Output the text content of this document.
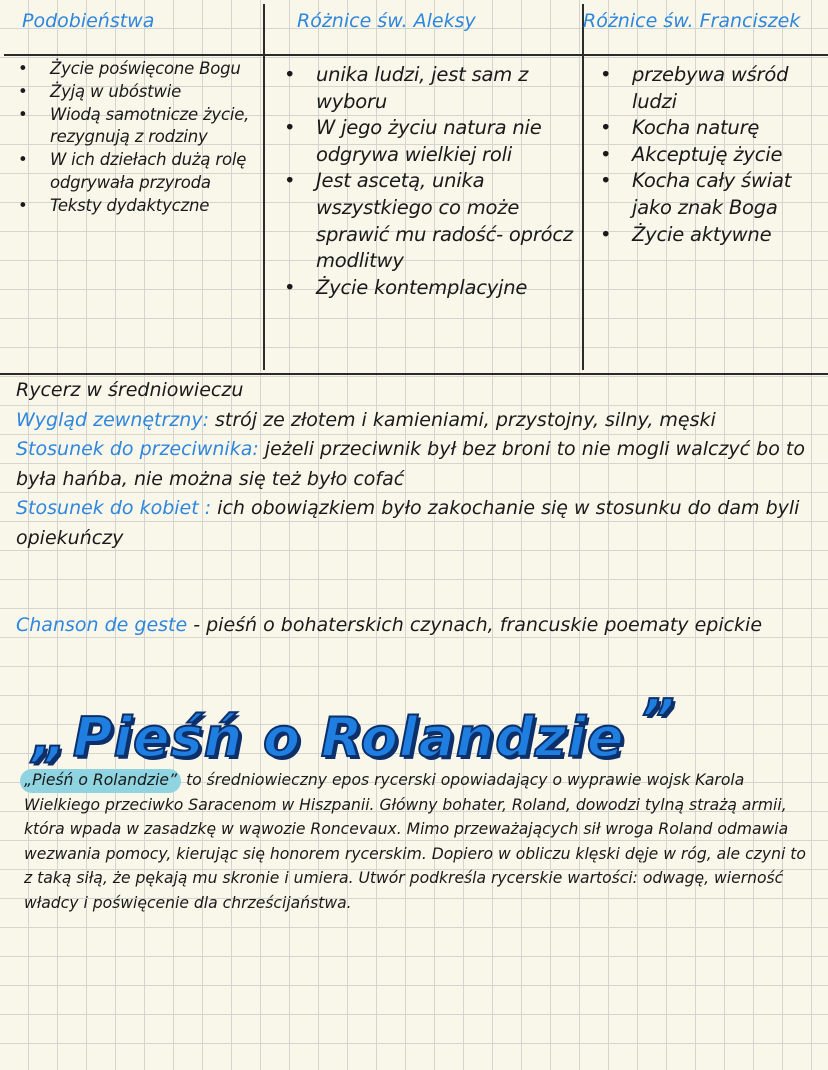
Podobieństwa	Różnice św. Aleksy	Różnice św. Franciszek
• Życie poświęcone Bogu
• Żyją w ubóstwie
• Wiodą samotnicze życie, rezygnują z rodziny
• W ich dziełach dużą rolę odgrywała przyroda
• Teksty dydaktyczne
• unika ludzi, jest sam z wyboru
• W jego życiu natura nie odgrywa wielkiej roli
• Jest ascetą, unika wszystkiego co może sprawić mu radość- oprócz modlitwy
• Życie kontemplacyjne
• przebywa wśród ludzi
• Kocha naturę
• Akceptuję życie
• Kocha cały świat jako znak Boga
• Życie aktywne

Rycerz w średniowieczu

Wygląd zewnętrzny: strój ze złotem i kamieniami, przystojny, silny, męski

Stosunek do przeciwnika: jeżeli przeciwnik był bez broni to nie mogli walczyć bo to była hańba, nie można się też było cofać

Stosunek do kobiet : ich obowiązkiem było zakochanie się w stosunku do dam byli opiekuńczy

Chanson de geste - pieśń o bohaterskich czynach, francuskie poematy epickie
„ Pieśń o Rolandzie ”
„Pieśń o Rolandzie” to średniowieczny epos rycerski opowiadający o wyprawie wojsk Karola Wielkiego przeciwko Saracenom w Hiszpanii. Główny bohater, Roland, dowodzi tylną strażą armii, która wpada w zasadzkę w wąwozie Roncevaux. Mimo przeważających sił wroga Roland odmawia wezwania pomocy, kierując się honorem rycerskim. Dopiero w obliczu klęski dęje w róg, ale czyni to z taką siłą, że pękają mu skronie i umiera. Utwór podkreśla rycerskie wartości: odwagę, wierność władcy i poświęcenie dla chrześcijaństwa.
